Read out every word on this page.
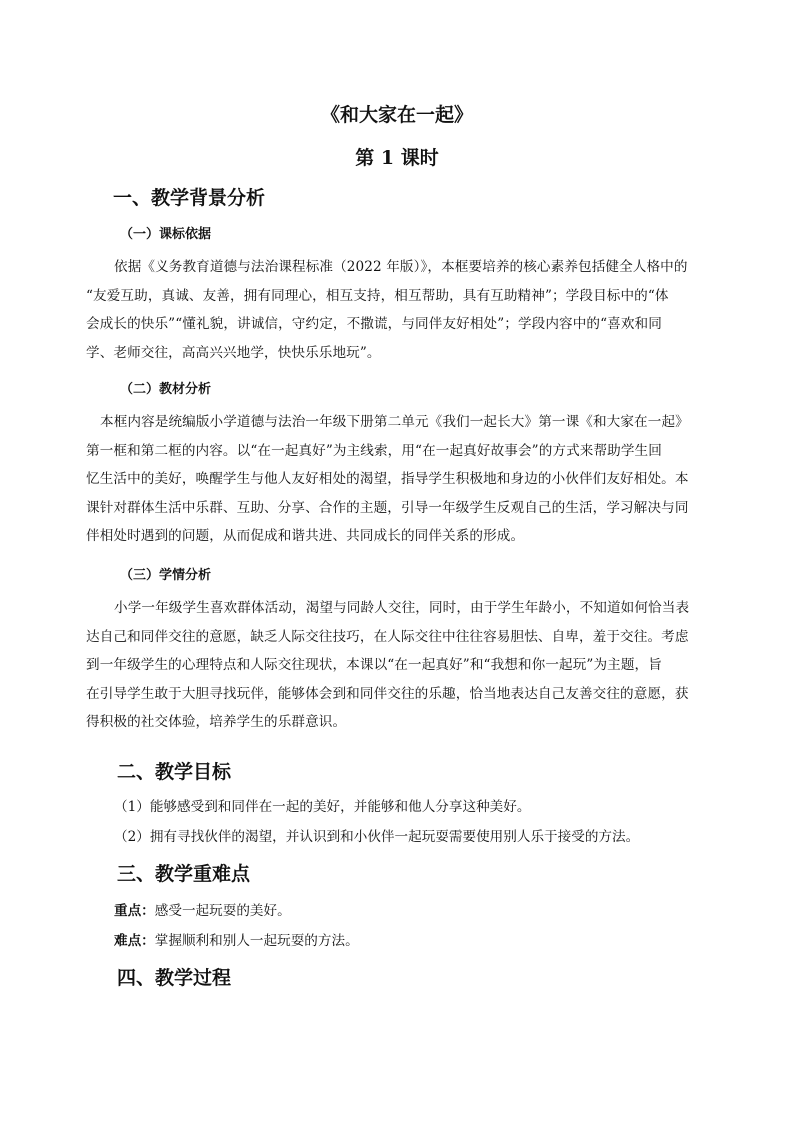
《和大家在一起》
第 1 课时
一、教学背景分析
（一）课标依据
依据《义务教育道德与法治课程标准（2022 年版）》，本框要培养的核心素养包括健全人格中的
“友爱互助，真诚、友善，拥有同理心，相互支持，相互帮助，具有互助精神”；学段目标中的“体
会成长的快乐”“懂礼貌，讲诚信，守约定，不撒谎，与同伴友好相处”；学段内容中的“喜欢和同
学、老师交往，高高兴兴地学，快快乐乐地玩”。
（二）教材分析
本框内容是统编版小学道德与法治一年级下册第二单元《我们一起长大》第一课《和大家在一起》
第一框和第二框的内容。以“在一起真好”为主线索，用“在一起真好故事会”的方式来帮助学生回
忆生活中的美好，唤醒学生与他人友好相处的渴望，指导学生积极地和身边的小伙伴们友好相处。本
课针对群体生活中乐群、互助、分享、合作的主题，引导一年级学生反观自己的生活，学习解决与同
伴相处时遇到的问题，从而促成和谐共进、共同成长的同伴关系的形成。
（三）学情分析
小学一年级学生喜欢群体活动，渴望与同龄人交往，同时，由于学生年龄小，不知道如何恰当表
达自己和同伴交往的意愿，缺乏人际交往技巧，在人际交往中往往容易胆怯、自卑，羞于交往。考虑
到一年级学生的心理特点和人际交往现状，本课以“在一起真好”和“我想和你一起玩”为主题，旨
在引导学生敢于大胆寻找玩伴，能够体会到和同伴交往的乐趣，恰当地表达自己友善交往的意愿，获
得积极的社交体验，培养学生的乐群意识。
二、教学目标
（1）能够感受到和同伴在一起的美好，并能够和他人分享这种美好。
（2）拥有寻找伙伴的渴望，并认识到和小伙伴一起玩耍需要使用别人乐于接受的方法。
三、教学重难点
重点：感受一起玩耍的美好。
难点：掌握顺利和别人一起玩耍的方法。
四、教学过程
